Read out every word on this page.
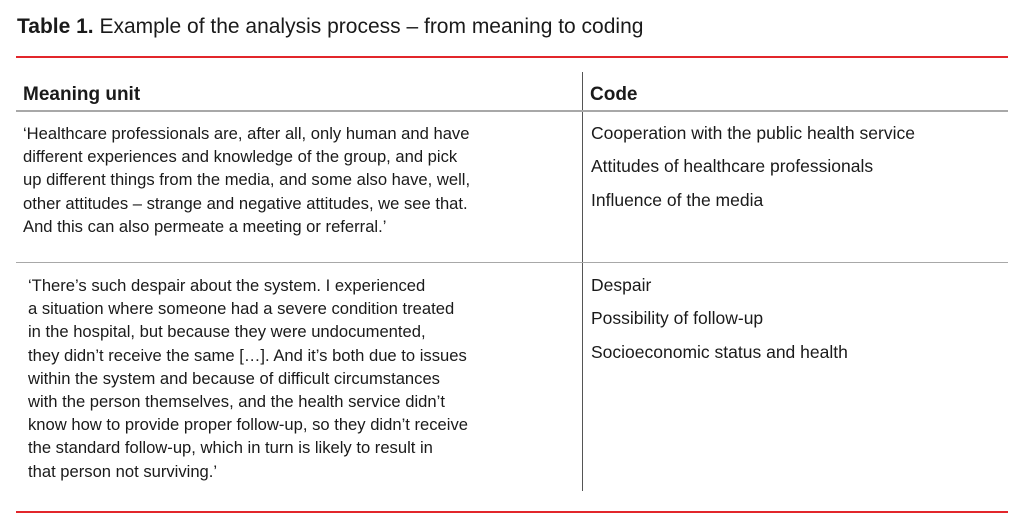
Table 1. Example of the analysis process – from meaning to coding
Meaning unit	Code
‘Healthcare professionals are, after all, only human and have
different experiences and knowledge of the group, and pick
up different things from the media, and some also have, well,
other attitudes – strange and negative attitudes, we see that.
And this can also permeate a meeting or referral.’
Cooperation with the public health service
Attitudes of healthcare professionals
Influence of the media
‘There’s such despair about the system. I experienced
a situation where someone had a severe condition treated
in the hospital, but because they were undocumented,
they didn’t receive the same […]. And it’s both due to issues
within the system and because of difficult circumstances
with the person themselves, and the health service didn’t
know how to provide proper follow-up, so they didn’t receive
the standard follow-up, which in turn is likely to result in
that person not surviving.’
Despair
Possibility of follow-up
Socioeconomic status and health
